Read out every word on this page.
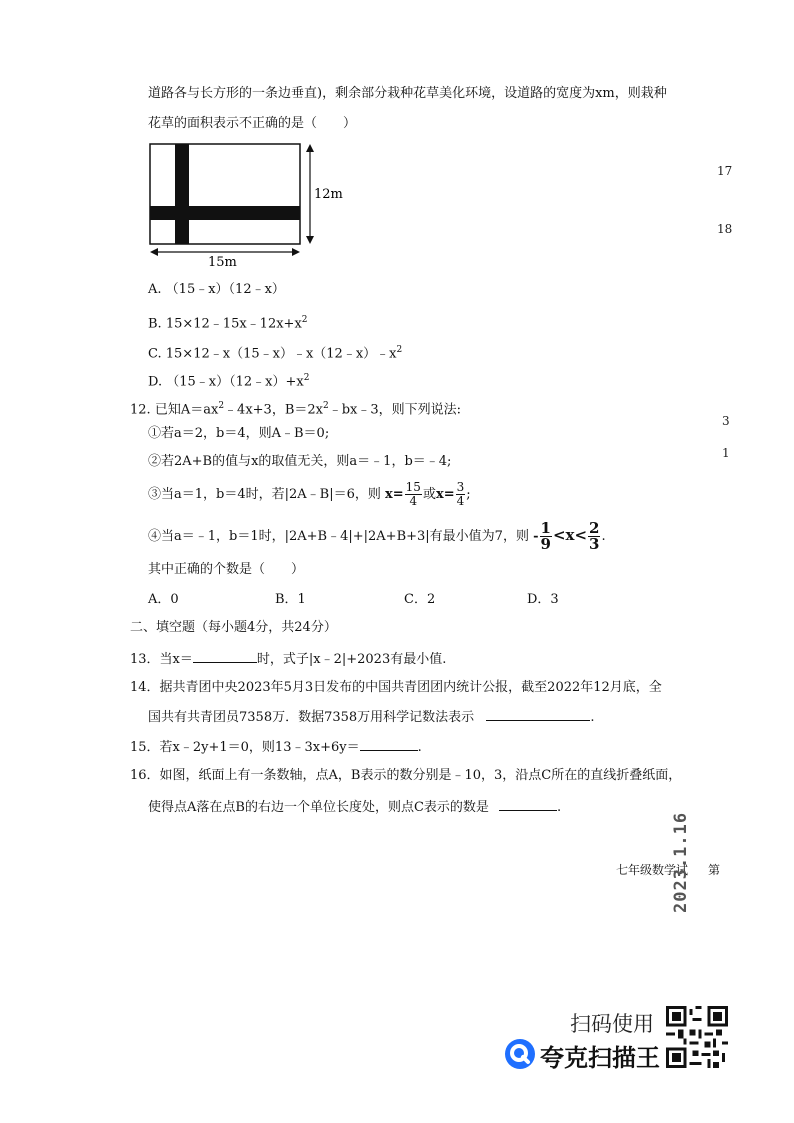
道路各与长方形的一条边垂直)，剩余部分栽种花草美化环境，设道路的宽度为xm，则栽种
花草的面积表示不正确的是（　　）
12m
15m
A. （15﹣x）（12﹣x）
B. $15\times 12﹣15x﹣12x+x^2$
C. $15\times 12﹣x(15﹣x)﹣x(12﹣x)﹣x^2$
D. $(15﹣x)(12﹣x)+x^2$
12. 已知$A=ax^2﹣4x+3$，$B=2x^2﹣bx﹣3$，则下列说法:
①若a＝2，b＝4，则A﹣B＝0;
②若2A+B的值与x的取值无关，则a＝﹣1，b＝﹣4;
③当a＝1，b＝4时，若|2A﹣B|＝6，则 $x= \frac{15}{4}$ 或$x= \frac{3}{4}$ ;
④当a＝﹣1，b＝1时，|2A+B﹣4|+|2A+B+3|有最小值为7，则 - $\frac{1}{9} <x< \frac{2}{3}$ .
其中正确的个数是（　　）
A．0	B．1	C．2	D．3
二、填空题（每小题4分，共24分）
13．当x＝	时，式子|x﹣2|+2023有最小值.
14．据共青团中央2023年5月3日发布的中国共青团团内统计公报，截至2022年12月底，全
国共有共青团员7358万．数据7358万用科学记数法表示	.
15．若x﹣2y+1＝0，则13﹣3x+6y＝	.
16．如图，纸面上有一条数轴，点A，B表示的数分别是﹣10，3，沿点C所在的直线折叠纸面，
使得点A落在点B的右边一个单位长度处，则点C表示的数是	.
17
18
3
1
七年级数学试 第
2023.1.16
扫码使用
夸克扫描王
